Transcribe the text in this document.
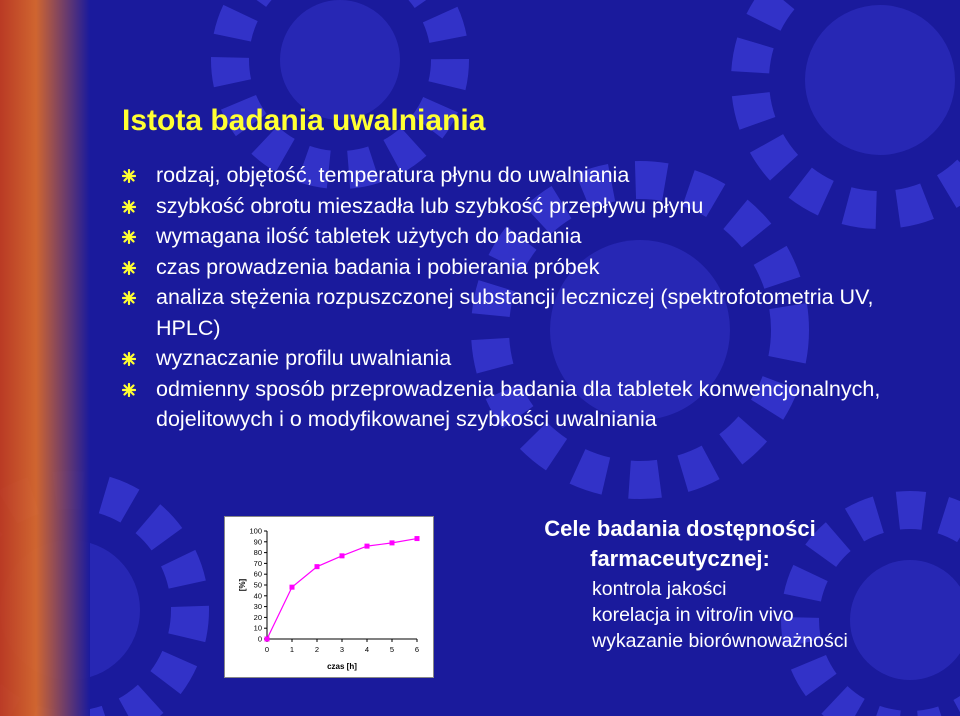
Istota badania uwalniania
rodzaj, objętość, temperatura płynu do uwalniania
szybkość obrotu mieszadła lub szybkość przepływu płynu
wymagana ilość tabletek użytych do badania
czas prowadzenia badania i pobierania próbek
analiza stężenia rozpuszczonej substancji leczniczej (spektrofotometria UV, HPLC)
wyznaczanie profilu uwalniania
odmienny sposób przeprowadzenia badania dla tabletek konwencjonalnych, dojelitowych i o modyfikowanej szybkości uwalniania
0
10
20
30
40
50
60
70
80
90
100
0	1	2	3	4	5	6
czas [h]
[%]
Cele badania dostępności
farmaceutycznej:
kontrola jakości
korelacja in vitro/in vivo
wykazanie biorównoważności
